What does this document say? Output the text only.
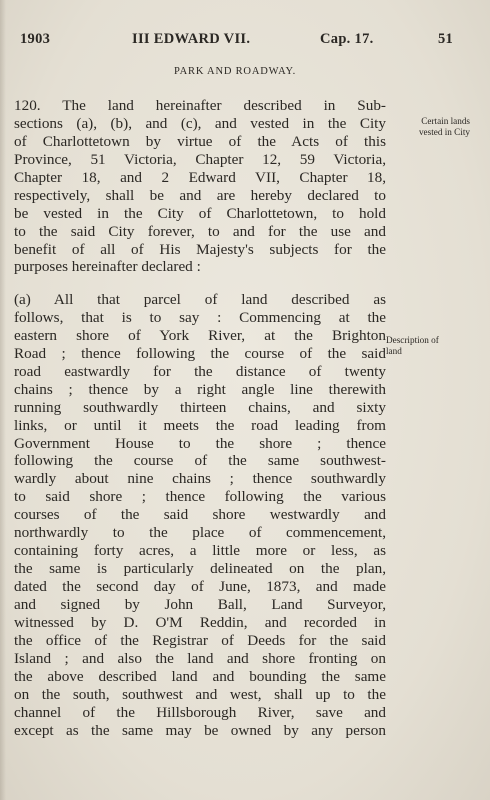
1903	III EDWARD VII.	Cap. 17.	51
PARK AND ROADWAY.
120. The land hereinafter described in Sub-
sections (a), (b), and (c), and vested in the City
of Charlottetown by virtue of the Acts of this
Province, 51 Victoria, Chapter 12, 59 Victoria,
Chapter 18, and 2 Edward VII, Chapter 18,
respectively, shall be and are hereby declared to
be vested in the City of Charlottetown, to hold
to the said City forever, to and for the use and
benefit of all of His Majesty's subjects for the
purposes hereinafter declared :
Certain lands
vested in City
(a) All that parcel of land described as
follows, that is to say : Commencing at the
eastern shore of York River, at the Brighton
Road ; thence following the course of the said
road eastwardly for the distance of twenty
chains ; thence by a right angle line therewith
running southwardly thirteen chains, and sixty
links, or until it meets the road leading from
Government House to the shore ; thence
following the course of the same southwest-
wardly about nine chains ; thence southwardly
to said shore ; thence following the various
courses of the said shore westwardly and
northwardly to the place of commencement,
containing forty acres, a little more or less, as
the same is particularly delineated on the plan,
dated the second day of June, 1873, and made
and signed by John Ball, Land Surveyor,
witnessed by D. O'M Reddin, and recorded in
the office of the Registrar of Deeds for the said
Island ; and also the land and shore fronting on
the above described land and bounding the same
on the south, southwest and west, shall up to the
channel of the Hillsborough River, save and
except as the same may be owned by any person
Description of
land
